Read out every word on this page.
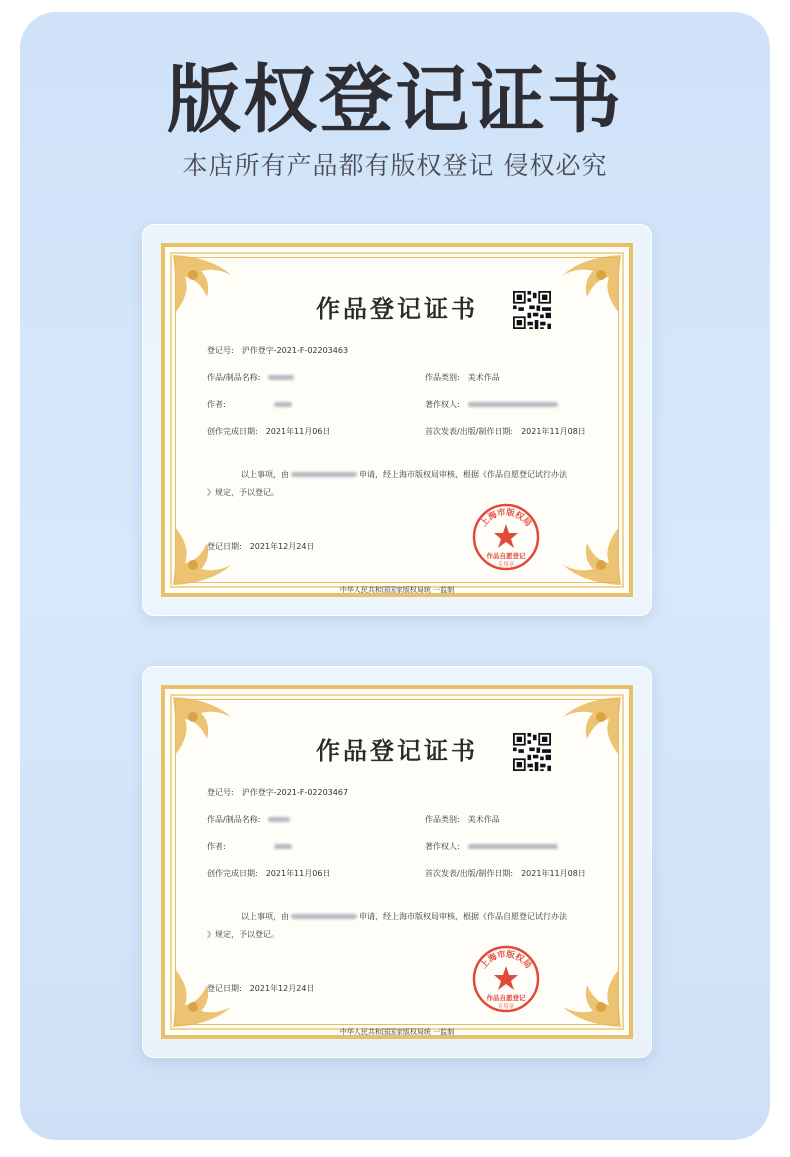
版权登记证书
本店所有产品都有版权登记 侵权必究
作品登记证书
登记号: 沪作登字-2021-F-02203463
作品/制品名称:	作品类别: 美术作品
作者:	著作权人:
创作完成日期: 2021年11月06日	首次发表/出版/制作日期: 2021年11月08日
以上事项，由	申请，经上海市版权局审核，根据《作品自愿登记试行办法
》规定，予以登记。
登记日期: 2021年12月24日
上海市版权局
作品自愿登记
专用章
中华人民共和国国家版权局统 一监制
作品登记证书
登记号: 沪作登字-2021-F-02203467
作品/制品名称:	作品类别: 美术作品
作者:	著作权人:
创作完成日期: 2021年11月06日	首次发表/出版/制作日期: 2021年11月08日
以上事项，由	申请，经上海市版权局审核，根据《作品自愿登记试行办法
》规定，予以登记。
登记日期: 2021年12月24日
上海市版权局
作品自愿登记
专用章
中华人民共和国国家版权局统 一监制
